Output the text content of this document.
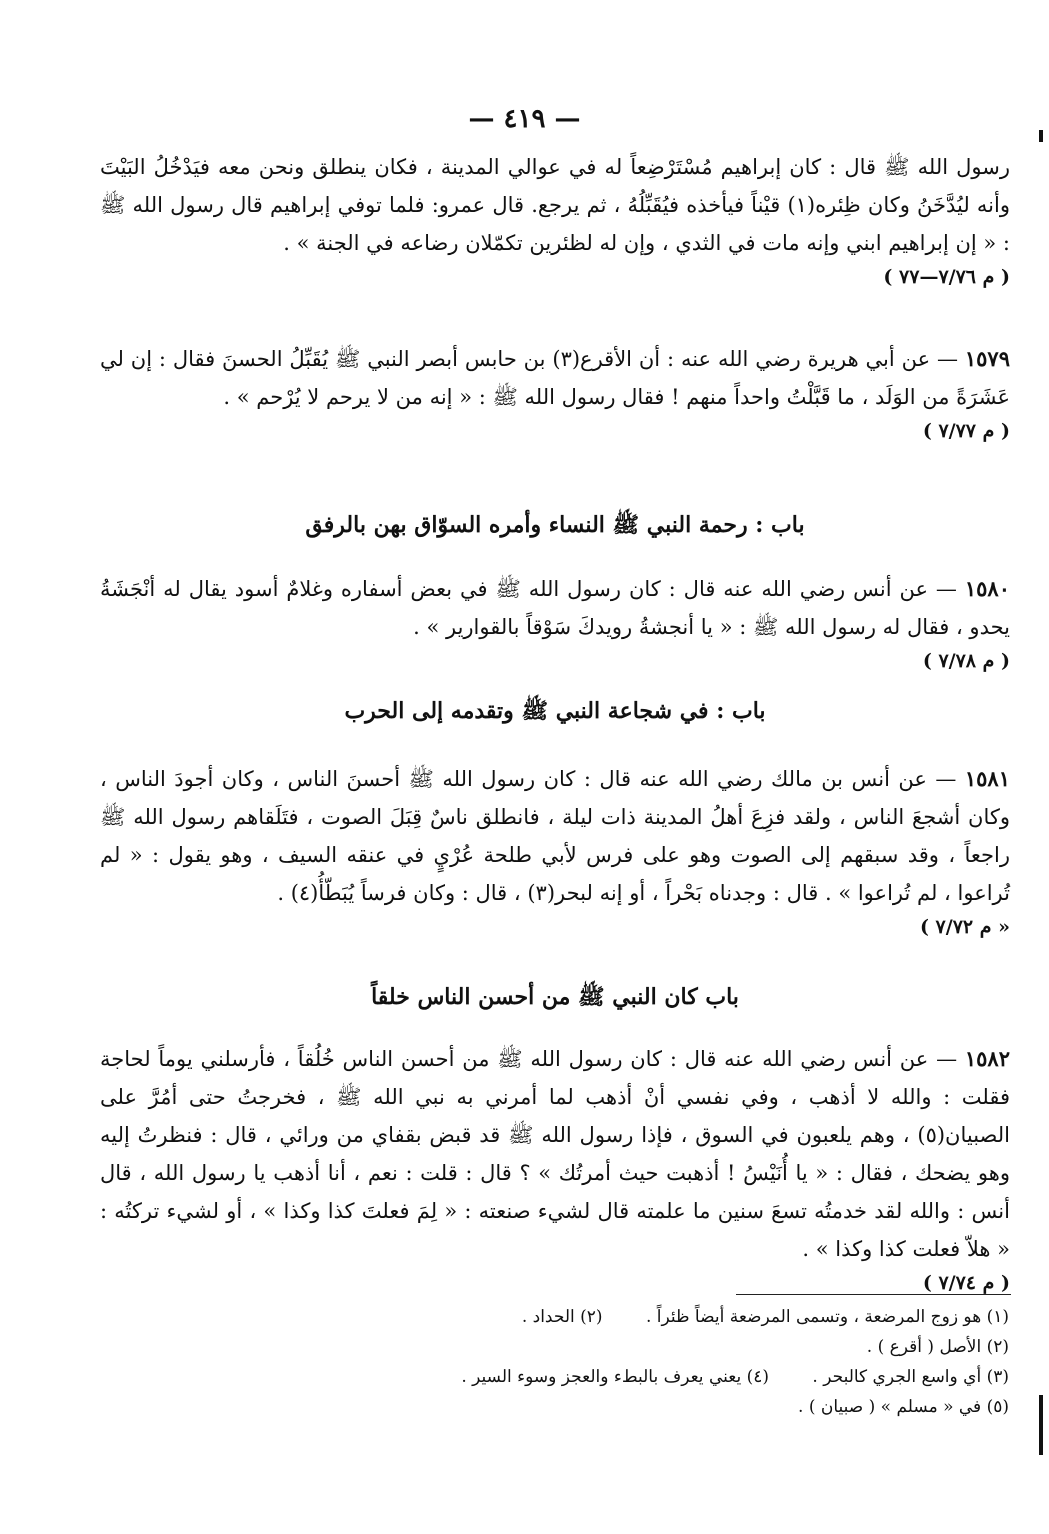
— ٤١٩ —
رسول الله ﷺ قال : كان إبراهيم مُسْتَرْضِعاً له في عوالي المدينة ، فكان ينطلق ونحن معه فيَدْخُلُ البَيْتَ وأنه ليُدَّخَنُ وكان ظِئره(١) قيْناً فيأخذه فيُقَبِّلُهُ ، ثم يرجع. قال عمرو: فلما توفي إبراهيم قال رسول الله ﷺ : « إن إبراهيم ابني وإنه مات في الثدي ، وإن له لظئرين تكمّلان رضاعه في الجنة » .
( م ٧/٧٦—٧٧ )
١٥٧٩ — عن أبي هريرة رضي الله عنه : أن الأقرع(٣) بن حابس أبصر النبي ﷺ يُقَبِّلُ الحسنَ فقال : إن لي عَشَرَةً من الوَلَد ، ما قَبَّلْتُ واحداً منهم ! فقال رسول الله ﷺ : « إنه من لا يرحم لا يُرْحم » .
( م ٧/٧٧ )
باب : رحمة النبي ﷺ النساء وأمره السوّاق بهن بالرفق
١٥٨٠ — عن أنس رضي الله عنه قال : كان رسول الله ﷺ في بعض أسفاره وغلامٌ أسود يقال له أنْجَشَةُ يحدو ، فقال له رسول الله ﷺ : « يا أنجشةُ رويدكَ سَوْقاً بالقوارير » .
( م ٧/٧٨ )
باب : في شجاعة النبي ﷺ وتقدمه إلى الحرب
١٥٨١ — عن أنس بن مالك رضي الله عنه قال : كان رسول الله ﷺ أحسنَ الناس ، وكان أجودَ الناس ، وكان أشجعَ الناس ، ولقد فزِعَ أهلُ المدينة ذات ليلة ، فانطلق ناسٌ قِبَلَ الصوت ، فتَلَقاهم رسول الله ﷺ راجعاً ، وقد سبقهم إلى الصوت وهو على فرس لأبي طلحة عُرْيٍ في عنقه السيف ، وهو يقول : « لم تُراعوا ، لم تُراعوا » . قال : وجدناه بَحْراً ، أو إنه لبحر(٣) ، قال : وكان فرساً يُبَطّأُ(٤) .
( م ٧/٧٢ »
باب كان النبي ﷺ من أحسن الناس خلقاً
١٥٨٢ — عن أنس رضي الله عنه قال : كان رسول الله ﷺ من أحسن الناس خُلُقاً ، فأرسلني يوماً لحاجة فقلت : والله لا أذهب ، وفي نفسي أنْ أذهب لما أمرني به نبي الله ﷺ ، فخرجتُ حتى أمُرَّ على الصبيان(٥) ، وهم يلعبون في السوق ، فإذا رسول الله ﷺ قد قبض بقفاي من ورائي ، قال : فنظرتُ إليه وهو يضحك ، فقال : « يا أُنَيْسُ ! أذهبت حيث أمرتُك » ؟ قال : قلت : نعم ، أنا أذهب يا رسول الله ، قال أنس : والله لقد خدمتُه تسعَ سنين ما علمته قال لشيء صنعته : « لِمَ فعلتَ كذا وكذا » ، أو لشيء تركتُه : « هلاّ فعلت كذا وكذا » .
( م ٧/٧٤ )
(١) هو زوج المرضعة ، وتسمى المرضعة أيضاً ظئراً . (٢) الحداد .
(٢) الأصل ( أقرع ) .
(٣) أي واسع الجري كالبحر . (٤) يعني يعرف بالبطء والعجز وسوء السير .
(٥) في « مسلم » ( صبيان ) .
